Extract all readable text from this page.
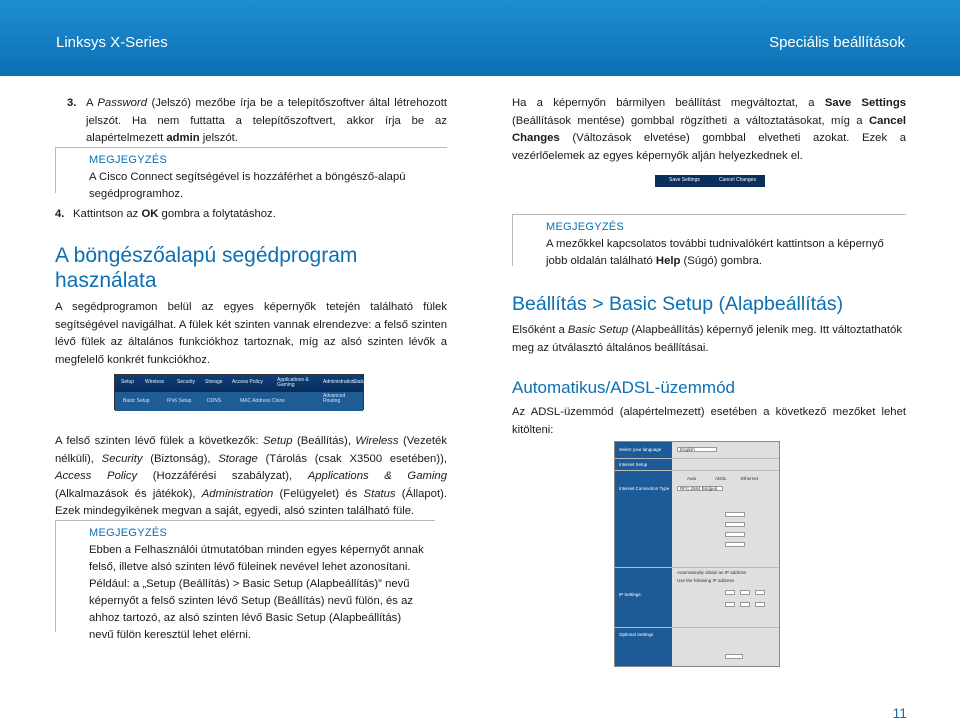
Linksys X-Series	Speciális beállítások
3. A Password (Jelszó) mezőbe írja be a telepítőszoftver által létrehozott jelszót. Ha nem futtatta a telepítőszoftvert, akkor írja be az alapértelmezett admin jelszót.
MEGJEGYZÉS
A Cisco Connect segítségével is hozzáférhet a böngésző-alapú segédprogramhoz.
4. Kattintson az OK gombra a folytatáshoz.
A böngészőalapú segédprogram használata

A segédprogramon belül az egyes képernyők tetején található fülek segítségével navigálhat. A fülek két szinten vannak elrendezve: a felső szinten lévő fülek az általános funkciókhoz tartoznak, míg az alsó szinten lévők a megfelelő konkrét funkciókhoz.

Setup Wireless	Security Storage Access Policy	Applications & Gaming	Administration
Status
Basic Setup	IPv6 Setup	DDNS	MAC Address Clone
Advanced Routing

A felső szinten lévő fülek a következők: Setup (Beállítás), Wireless (Vezeték nélküli), Security (Biztonság), Storage (Tárolás (csak X3500 esetében)), Access Policy (Hozzáférési szabályzat), Applications & Gaming (Alkalmazások és játékok), Administration (Felügyelet) és Status (Állapot). Ezek mindegyikének megvan a saját, egyedi, alsó szinten található füle.

MEGJEGYZÉS
Ebben a Felhasználói útmutatóban minden egyes képernyőt annak felső, illetve alsó szinten lévő füleinek nevével lehet azonosítani.
Például: a „Setup (Beállítás) > Basic Setup (Alapbeállítás)” nevű képernyőt a felső szinten lévő Setup (Beállítás) nevű fülön, és az ahhoz tartozó, az alsó szinten lévő Basic Setup (Alapbeállítás) nevű fülön keresztül lehet elérni.

Ha a képernyőn bármilyen beállítást megváltoztat, a Save Settings (Beállítások mentése) gombbal rögzítheti a változtatásokat, míg a Cancel Changes (Változások elvetése) gombbal elvetheti azokat. Ezek a vezérlőelemek az egyes képernyők alján helyezkednek el.

Save Settings	Cancel Changes
MEGJEGYZÉS
A mezőkkel kapcsolatos további tudnivalókért kattintson a képernyő jobb oldalán található Help (Súgó) gombra.
Beállítás > Basic Setup (Alapbeállítás)

Elsőként a Basic Setup (Alapbeállítás) képernyő jelenik meg. Itt változtathatók meg az útválasztó általános beállításai.

Automatikus/ADSL-üzemmód

Az ADSL-üzemmód (alapértelmezett) esetében a következő mezőket lehet kitölteni:

Select your language	English
Internet Setup
Auto	ADSL	Ethernet
Internet Connection Type RFC 2684 Bridged
Automatically obtain an IP address
Use the following IP address
IP Settings
Optional Settings
11
